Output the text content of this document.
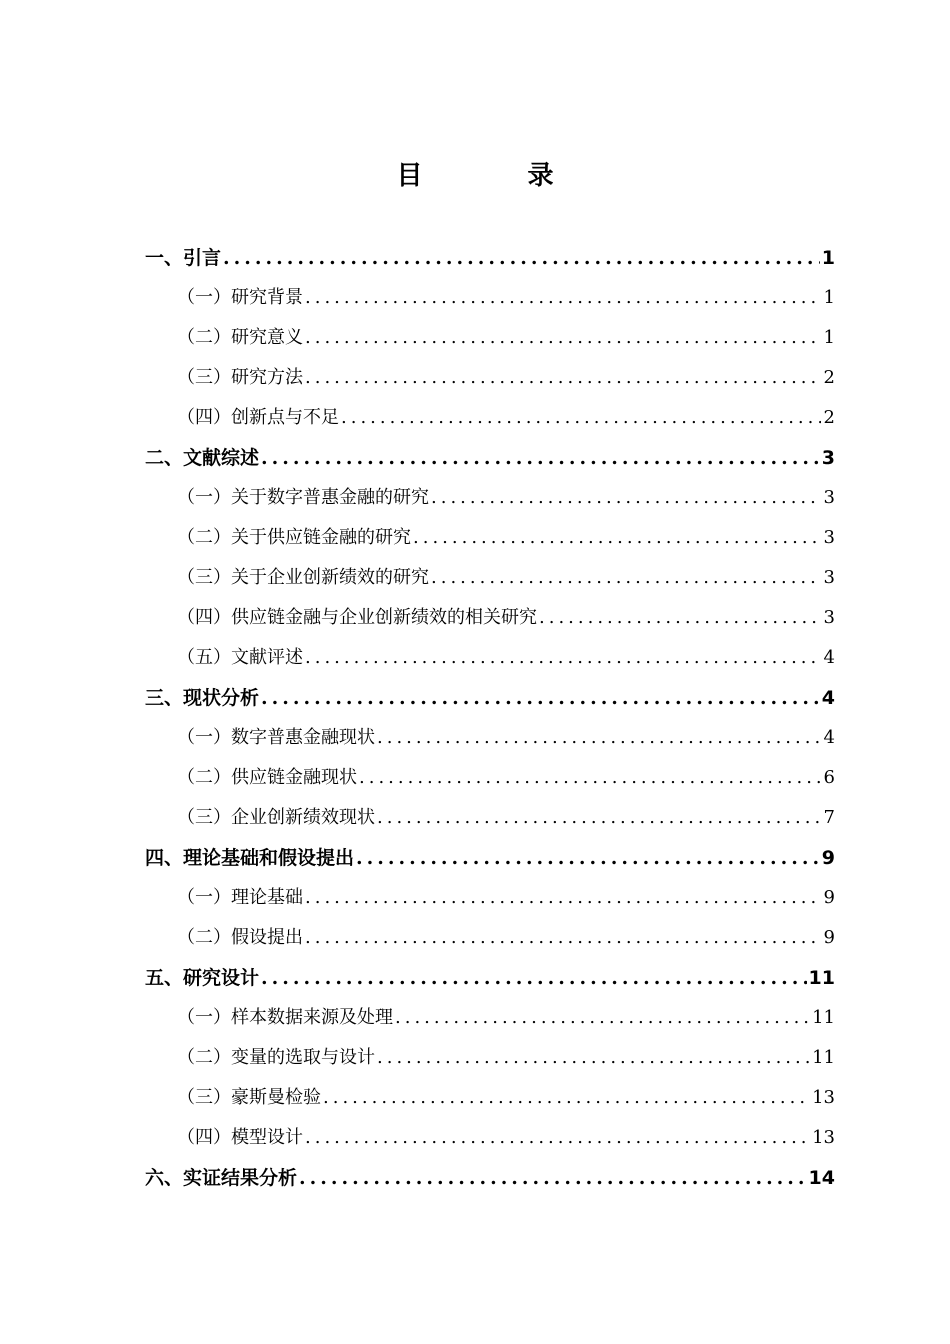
目 录
一、引言 .....	1
（一）研究背景 .....	1
（二）研究意义 .....	1
（三）研究方法 .....	2
（四）创新点与不足 .....	2
二、文献综述 .....	3
（一）关于数字普惠金融的研究 .....	3
（二）关于供应链金融的研究 .....	3
（三）关于企业创新绩效的研究 .....	3
（四）供应链金融与企业创新绩效的相关研究 .....	3
（五）文献评述 .....	4
三、现状分析 .....	4
（一）数字普惠金融现状 .....	4
（二）供应链金融现状 .....	6
（三）企业创新绩效现状 .....	7
四、理论基础和假设提出 .....	9
（一）理论基础 .....	9
（二）假设提出 .....	9
五、研究设计 .....	11
（一）样本数据来源及处理 .....	11
（二）变量的选取与设计 .....	11
（三）豪斯曼检验 .....	13
（四）模型设计 .....	13
六、实证结果分析 .....	14
